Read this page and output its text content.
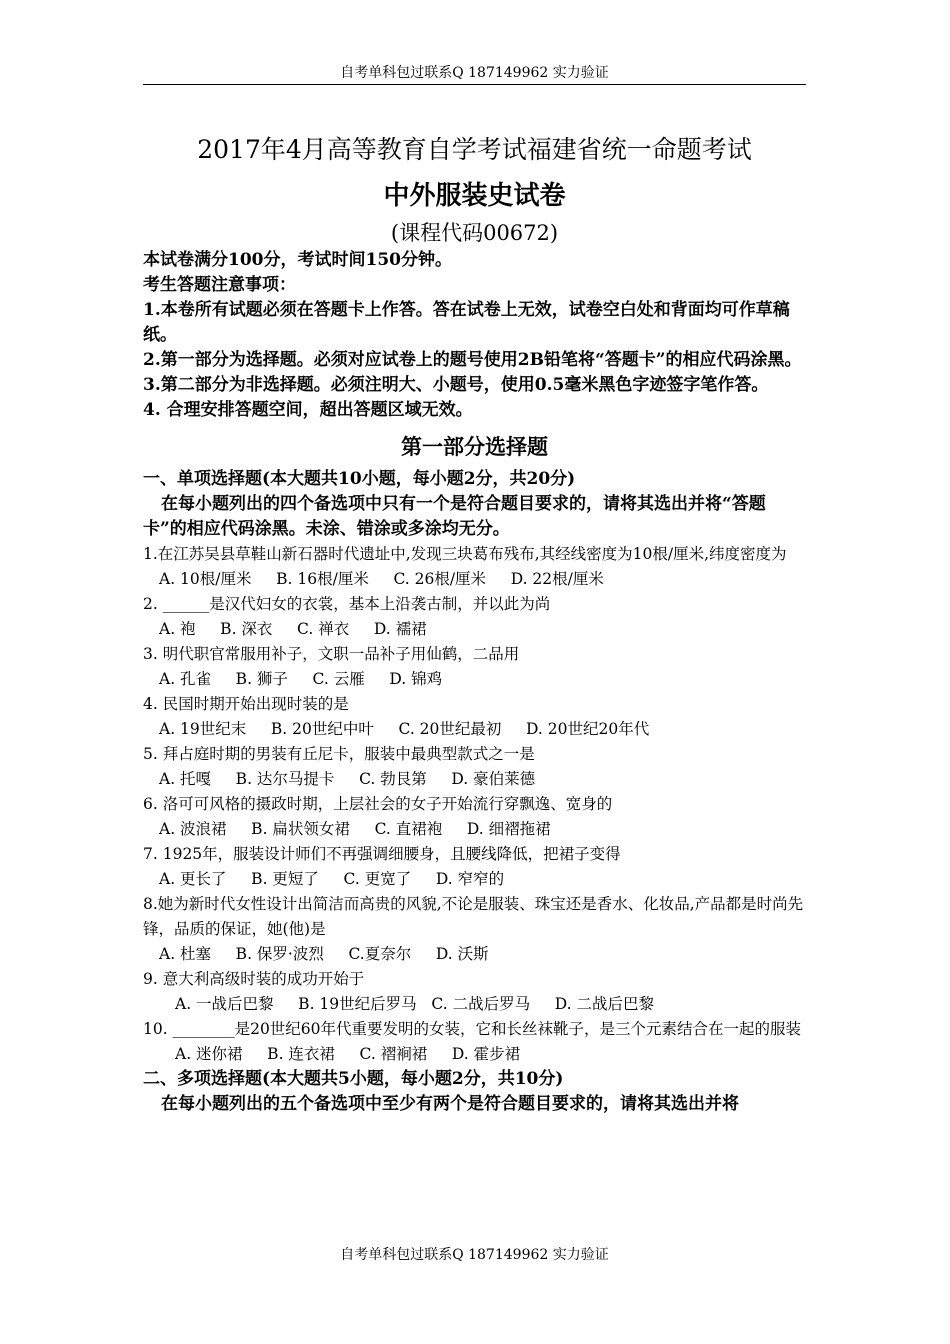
自考单科包过联系Q 187149962 实力验证

2017年4月高等教育自学考试福建省统一命题考试

中外服装史试卷

(课程代码00672)

本试卷满分100分，考试时间150分钟。

考生答题注意事项：

1.本卷所有试题必须在答题卡上作答。答在试卷上无效，试卷空白处和背面均可作草稿纸。

2.第一部分为选择题。必须对应试卷上的题号使用2B铅笔将“答题卡”的相应代码涂黑。

3.第二部分为非选择题。必须注明大、小题号，使用0.5毫米黑色字迹签字笔作答。

4. 合理安排答题空间，超出答题区域无效。

第一部分选择题

一、单项选择题(本大题共10小题，每小题2分，共20分)

在每小题列出的四个备选项中只有一个是符合题目要求的，请将其选出并将“答题卡”的相应代码涂黑。未涂、错涂或多涂均无分。

1.在江苏吴县草鞋山新石器时代遗址中,发现三块葛布残布,其经线密度为10根/厘米,纬度密度为

A. 10根/厘米     B. 16根/厘米     C. 26根/厘米     D. 22根/厘米

2. ______是汉代妇女的衣裳，基本上沿袭古制，并以此为尚

A. 袍     B. 深衣     C. 禅衣     D. 襦裙

3. 明代职官常服用补子，文职一品补子用仙鹤，二品用

A. 孔雀     B. 狮子     C. 云雁     D. 锦鸡

4. 民国时期开始出现时装的是

A. 19世纪末     B. 20世纪中叶     C. 20世纪最初     D. 20世纪20年代

5. 拜占庭时期的男装有丘尼卡，服装中最典型款式之一是

A. 托嘎     B. 达尔马提卡     C. 勃艮第     D. 豪伯莱德

6. 洛可可风格的摄政时期，上层社会的女子开始流行穿飘逸、宽身的

A. 波浪裙     B. 扁状领女裙     C. 直裙袍     D. 细褶拖裙

7. 1925年，服装设计师们不再强调细腰身，且腰线降低，把裙子变得

A. 更长了     B. 更短了     C. 更宽了     D. 窄窄的

8.她为新时代女性设计出简洁而高贵的风貌,不论是服装、珠宝还是香水、化妆品,产品都是时尚先锋，品质的保证，她(他)是

A. 杜塞     B. 保罗·波烈     C.夏奈尔     D. 沃斯

9. 意大利高级时装的成功开始于

A. 一战后巴黎     B. 19世纪后罗马   C. 二战后罗马     D. 二战后巴黎

10. ________是20世纪60年代重要发明的女装，它和长丝袜靴子，是三个元素结合在一起的服装

A. 迷你裙     B. 连衣裙     C. 褶裥裙     D. 霍步裙

二、多项选择题(本大题共5小题，每小题2分，共10分)

在每小题列出的五个备选项中至少有两个是符合题目要求的，请将其选出并将

自考单科包过联系Q 187149962 实力验证
